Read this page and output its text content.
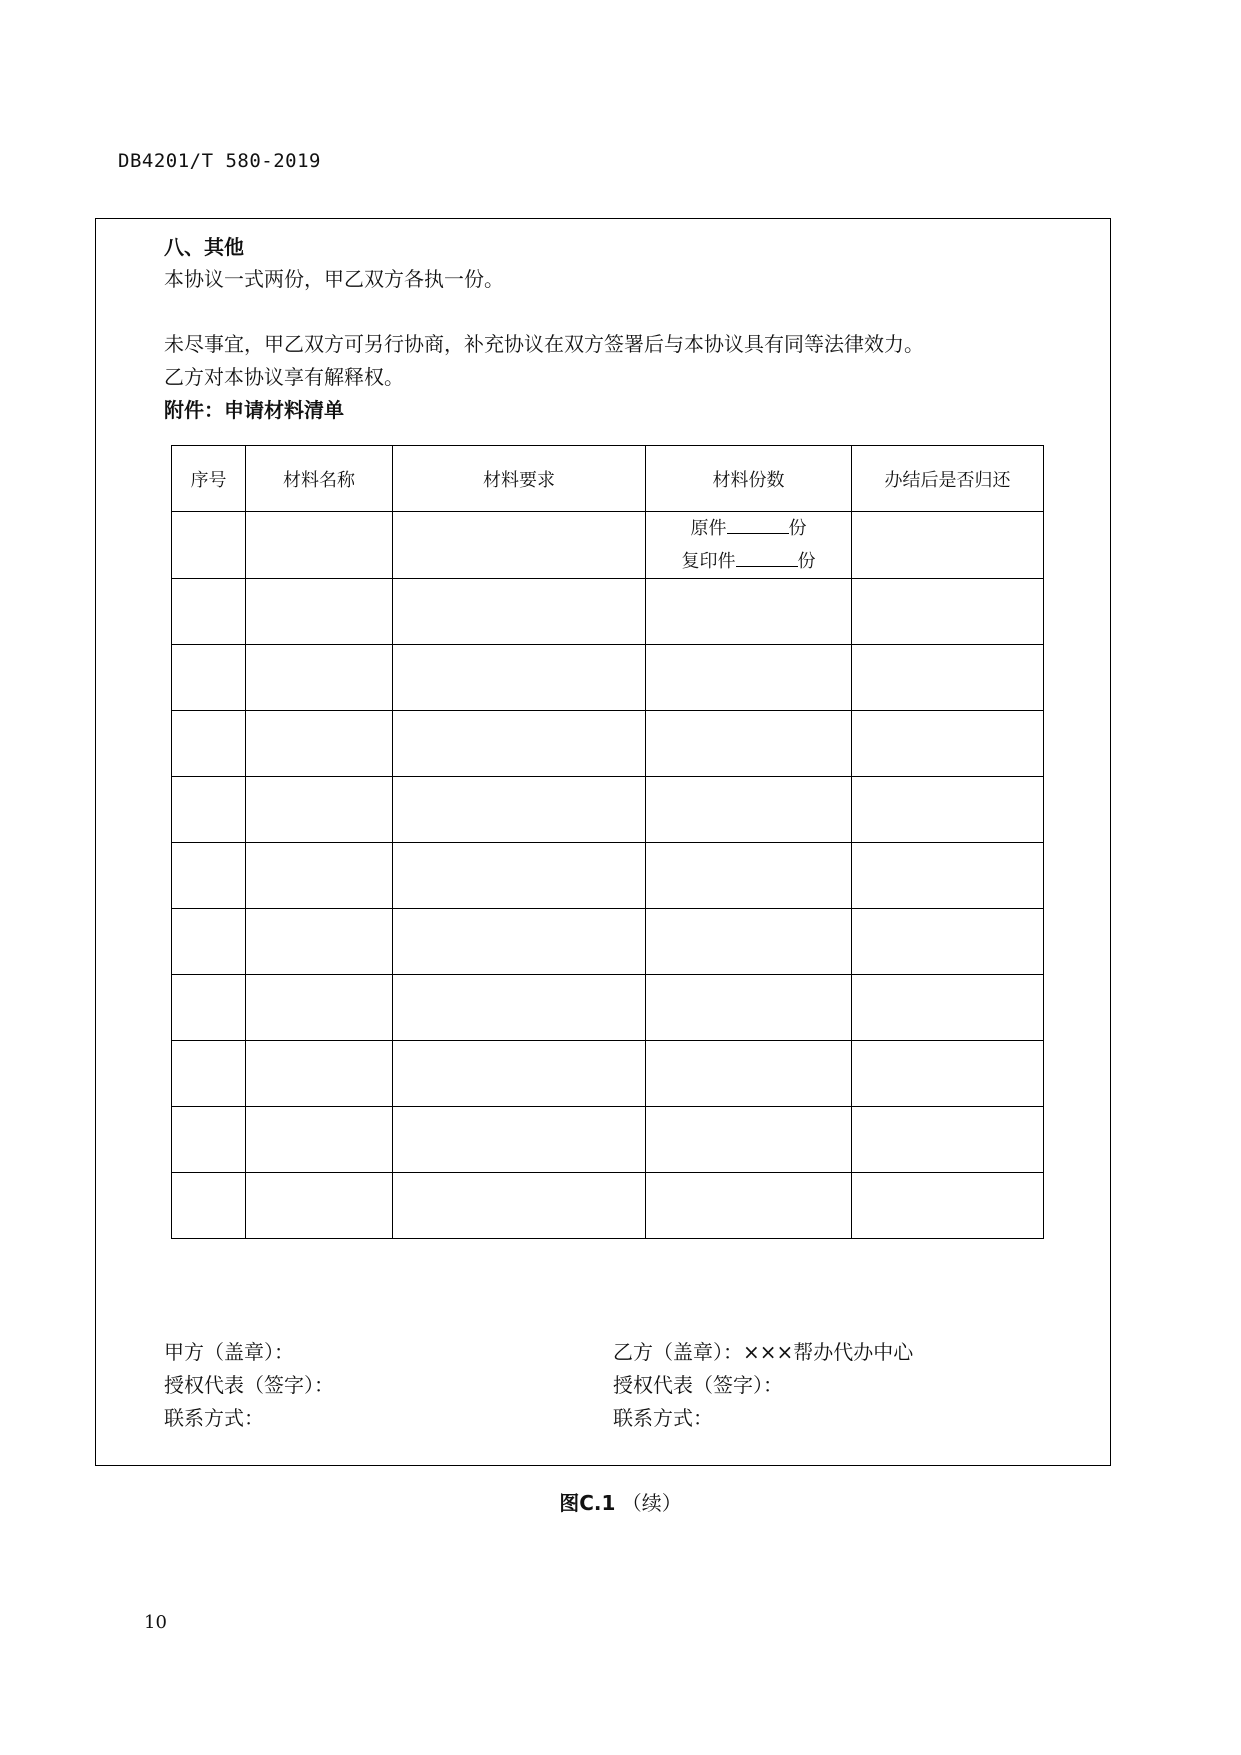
DB4201/T 580-2019
八、其他
本协议一式两份，甲乙双方各执一份。
未尽事宜，甲乙双方可另行协商，补充协议在双方签署后与本协议具有同等法律效力。
乙方对本协议享有解释权。
附件：申请材料清单
序号	材料名称	材料要求	材料份数	办结后是否归还

			原件 份
复印件 份	

甲方（盖章）：
授权代表（签字）：
联系方式：
乙方（盖章）：×××帮办代办中心
授权代表（签字）：
联系方式：
图C.1 （续）
10
